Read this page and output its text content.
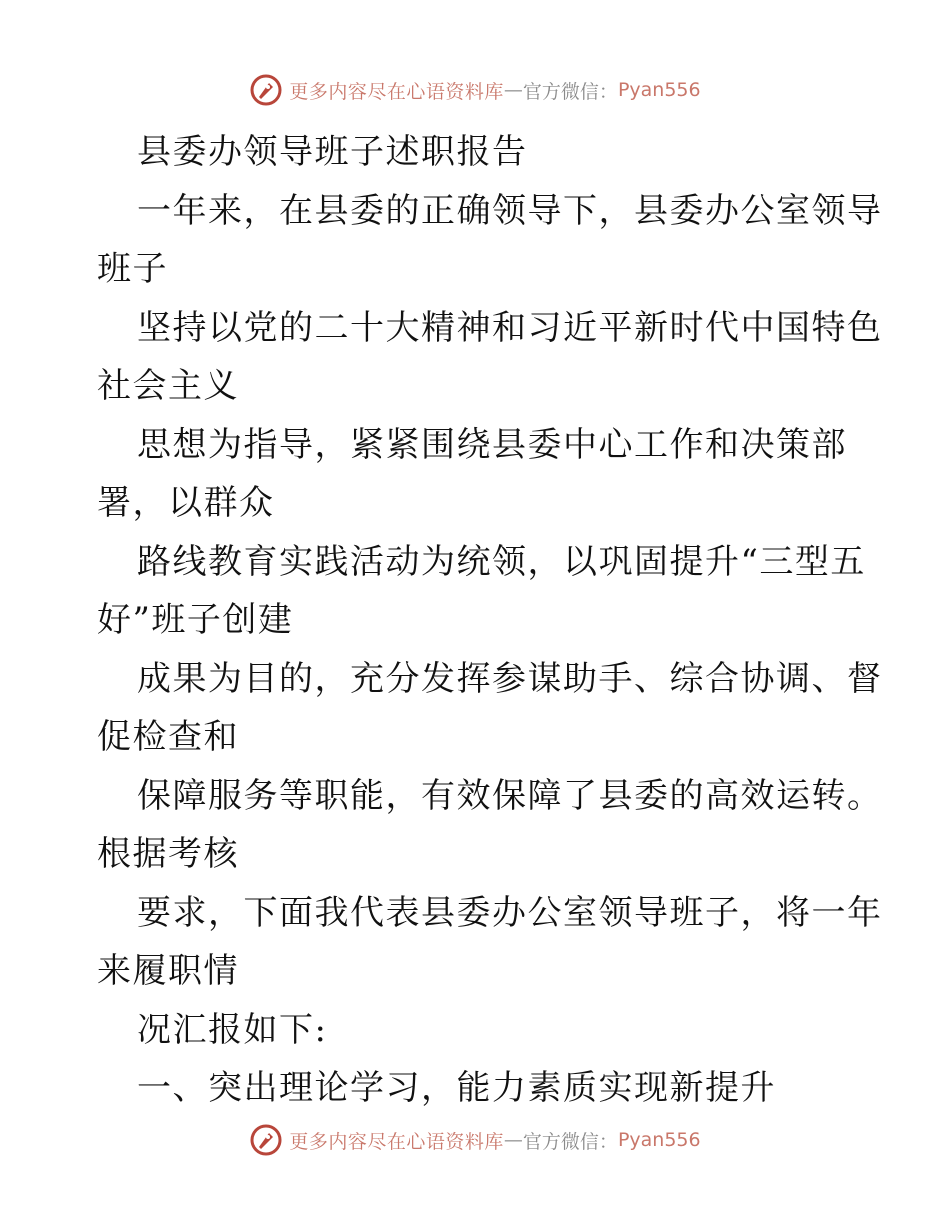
更多内容尽在心语资料库 — 官方微信： Pyan556
县委办领导班子述职报告
一年来，在县委的正确领导下，县委办公室领导
班子
坚持以党的二十大精神和习近平新时代中国特色
社会主义
思想为指导，紧紧围绕县委中心工作和决策部
署，以群众
路线教育实践活动为统领，以巩固提升“三型五
好”班子创建
成果为目的，充分发挥参谋助手、综合协调、督
促检查和
保障服务等职能，有效保障了县委的高效运转。
根据考核
要求，下面我代表县委办公室领导班子，将一年
来履职情
况汇报如下:
一、突出理论学习，能力素质实现新提升
更多内容尽在心语资料库 — 官方微信： Pyan556
